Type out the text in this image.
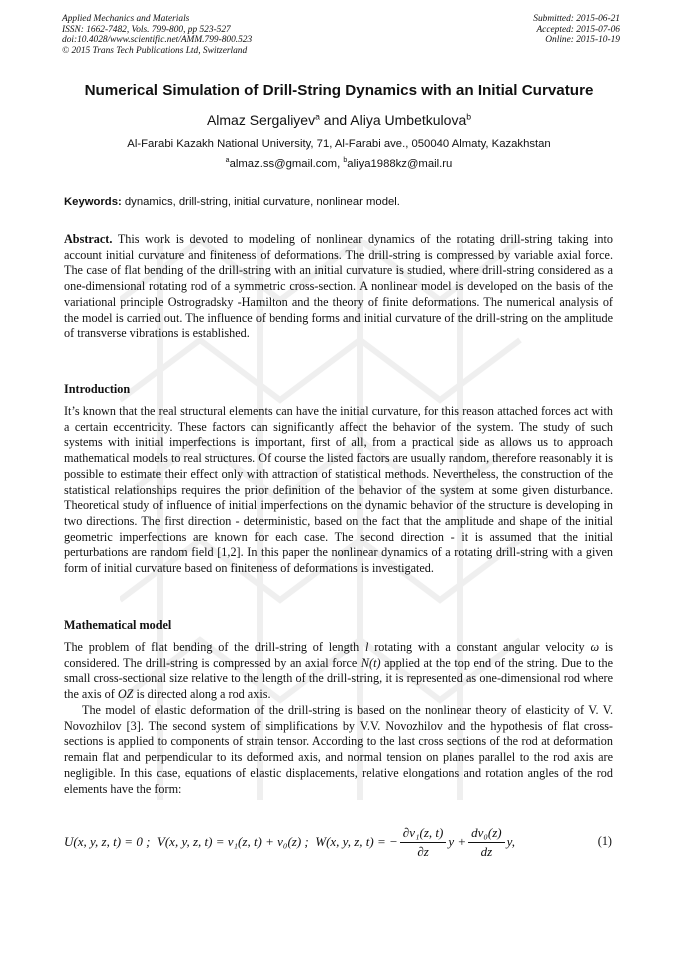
Applied Mechanics and Materials
ISSN: 1662-7482, Vols. 799-800, pp 523-527
doi:10.4028/www.scientific.net/AMM.799-800.523
© 2015 Trans Tech Publications Ltd, Switzerland
Submitted: 2015-06-21
Accepted: 2015-07-06
Online: 2015-10-19
Numerical Simulation of Drill-String Dynamics with an Initial Curvature
Almaz Sergaliyev$^a$ and Aliya Umbetkulova$^b$
Al-Farabi Kazakh National University, 71, Al-Farabi ave., 050040 Almaty, Kazakhstan
$^a$almaz.ss@gmail.com, $^b$aliya1988kz@mail.ru
Keywords: dynamics, drill-string, initial curvature, nonlinear model.

Abstract. This work is devoted to modeling of nonlinear dynamics of the rotating drill-string taking into account initial curvature and finiteness of deformations. The drill-string is compressed by variable axial force. The case of flat bending of the drill-string with an initial curvature is studied, where drill-string considered as a one-dimensional rotating rod of a symmetric cross-section. A nonlinear model is developed on the basis of the variational principle Ostrogradsky -Hamilton and the theory of finite deformations. The numerical analysis of the model is carried out. The influence of bending forms and initial curvature of the drill-string on the amplitude of transverse vibrations is established.

Introduction

It’s known that the real structural elements can have the initial curvature, for this reason attached forces act with a certain eccentricity. These factors can significantly affect the behavior of the system. The study of such systems with initial imperfections is important, first of all, from a practical side as allows us to approach mathematical models to real structures. Of course the listed factors are usually random, therefore reasonably it is possible to estimate their effect only with attraction of statistical methods. Nevertheless, the construction of the statistical relationships requires the prior definition of the behavior of the system at some given disturbance. Theoretical study of influence of initial imperfections on the dynamic behavior of the structure is developing in two directions. The first direction - deterministic, based on the fact that the amplitude and shape of the initial geometric imperfections are known for each case. The second direction - it is assumed that the initial perturbations are random field [1,2]. In this paper the nonlinear dynamics of a rotating drill-string with a given form of initial curvature based on finiteness of deformations is investigated.

Mathematical model

The problem of flat bending of the drill-string of length l rotating with a constant angular velocity ω is considered. The drill-string is compressed by an axial force N(t) applied at the top end of the string. Due to the small cross-sectional size relative to the length of the drill-string, it is represented as one-dimensional rod where the axis of OZ is directed along a rod axis.

The model of elastic deformation of the drill-string is based on the nonlinear theory of elasticity of V. V. Novozhilov [3]. The second system of simplifications by V.V. Novozhilov and the hypothesis of flat cross-sections is applied to components of strain tensor. According to the last cross sections of the rod at deformation remain flat and perpendicular to its deformed axis, and normal tension on planes parallel to the rod axis are negligible. In this case, equations of elastic displacements, relative elongations and rotation angles of the rod elements have the form:

U(x, y, z, t) = 0 ;
V(x, y, z, t) = v₁(z, t) + v₀(z) ;
W(x, y, z, t) = − $\frac{\text{∂v₁(z, t)}}{\partial z}$ $y + \frac{\text{dv₀(z)}}{dz} y$,	(1)
